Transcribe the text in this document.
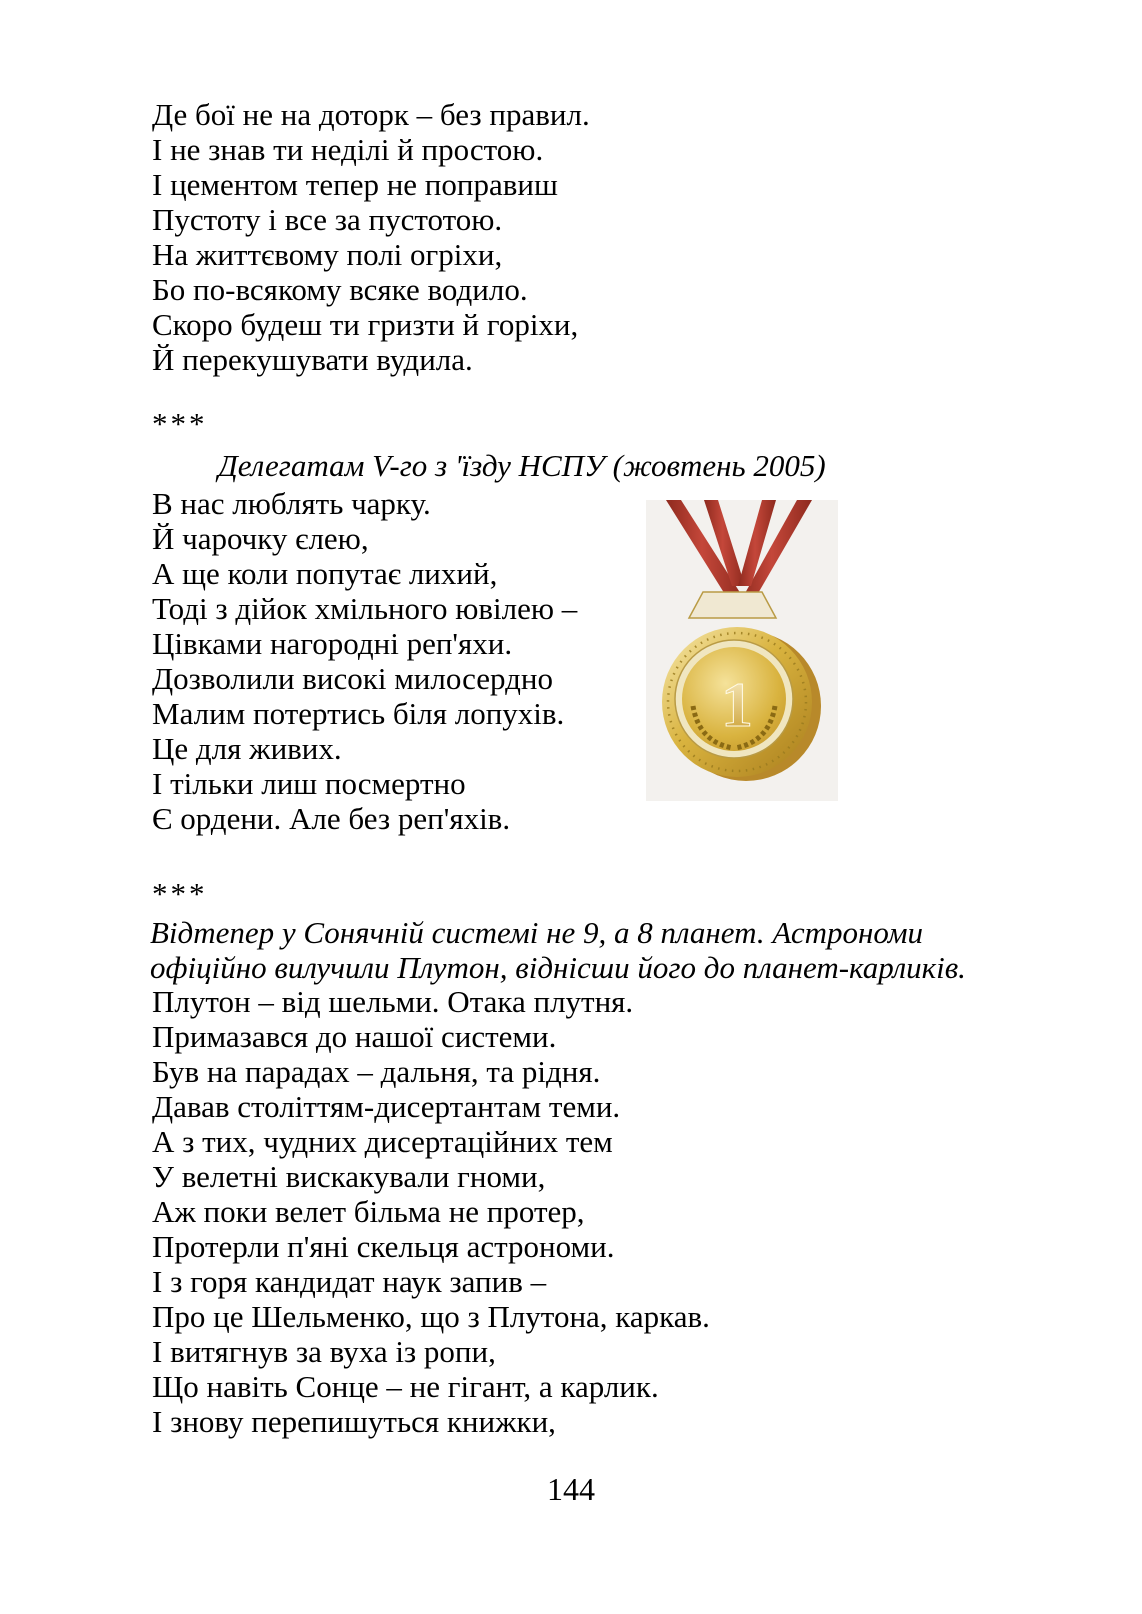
Де бої не на доторк – без правил.
І не знав ти неділі й простою.
І цементом тепер не поправиш
Пустоту і все за пустотою.
На життєвому полі огріхи,
Бо по-всякому всяке водило.
Скоро будеш ти гризти й горіхи,
Й перекушувати вудила.
***
Делегатам V-го з 'їзду НСПУ (жовтень 2005)
В нас люблять чарку.
Й чарочку єлею,
А ще коли попутає лихий,
Тоді з дійок хмільного ювілею –
Цівками нагородні реп'яхи.
Дозволили високі милосердно
Малим потертись біля лопухів.
Це для живих.
І тільки лиш посмертно
Є ордени. Але без реп'яхів.
1
***
Відтепер у Сонячній системі не 9, а 8 планет. Астрономи
офіційно вилучили Плутон, віднісши його до планет-карликів.
Плутон – від шельми. Отака плутня.
Примазався до нашої системи.
Був на парадах – дальня, та рідня.
Давав століттям-дисертантам теми.
А з тих, чудних дисертаційних тем
У велетні вискакували гноми,
Аж поки велет більма не протер,
Протерли п'яні скельця астрономи.
І з горя кандидат наук запив –
Про це Шельменко, що з Плутона, каркав.
І витягнув за вуха із ропи,
Що навіть Сонце – не гігант, а карлик.
І знову перепишуться книжки,
144
